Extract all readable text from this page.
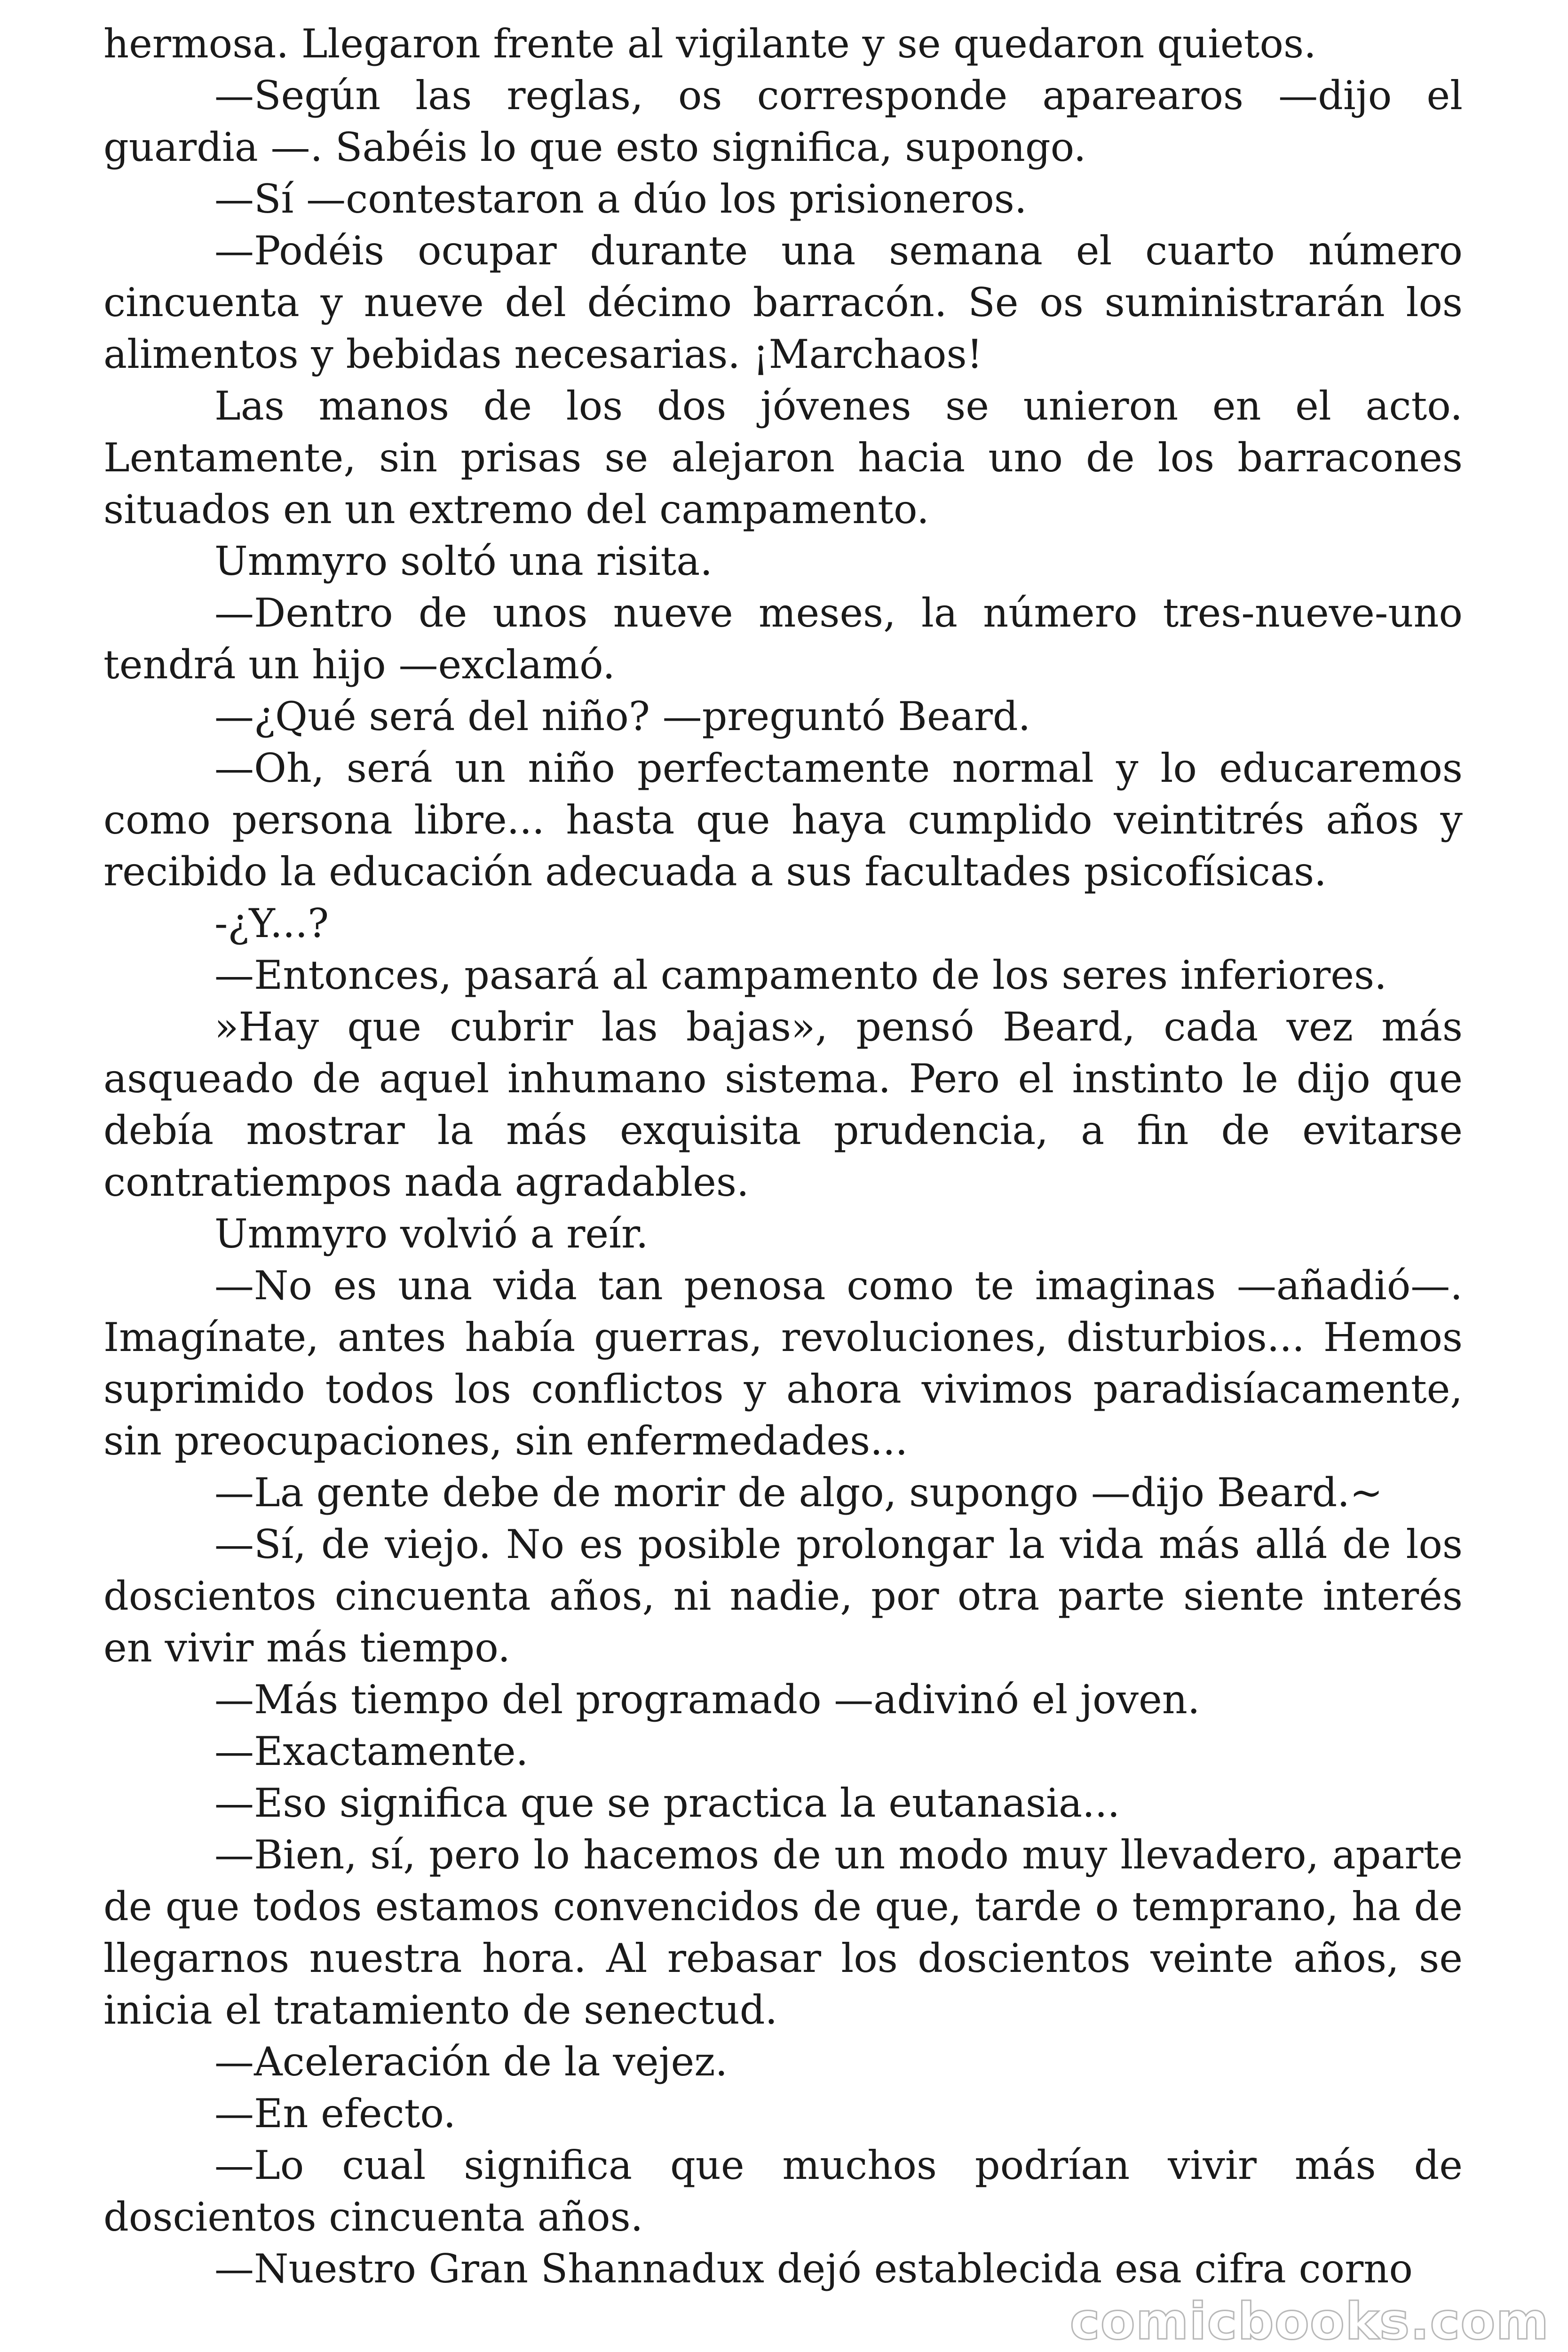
hermosa. Llegaron frente al vigilante y se quedaron quietos.

—Según las reglas, os corresponde aparearos —dijo el guardia —. Sabéis lo que esto significa, supongo.

—Sí —contestaron a dúo los prisioneros.

—Podéis ocupar durante una semana el cuarto número cincuenta y nueve del décimo barracón. Se os suministrarán los alimentos y bebidas necesarias. ¡Marchaos!

Las manos de los dos jóvenes se unieron en el acto. Lentamente, sin prisas se alejaron hacia uno de los barracones situados en un extremo del campamento.

Ummyro soltó una risita.

—Dentro de unos nueve meses, la número tres-nueve-uno tendrá un hijo —exclamó.

—¿Qué será del niño? —preguntó Beard.

—Oh, será un niño perfectamente normal y lo educaremos como persona libre... hasta que haya cumplido veintitrés años y recibido la educación adecuada a sus facultades psicofísicas.

-¿Y...?

—Entonces, pasará al campamento de los seres inferiores.

»Hay que cubrir las bajas», pensó Beard, cada vez más asqueado de aquel inhumano sistema. Pero el instinto le dijo que debía mostrar la más exquisita prudencia, a fin de evitarse contratiempos nada agradables.

Ummyro volvió a reír.

—No es una vida tan penosa como te imaginas —añadió—. Imagínate, antes había guerras, revoluciones, disturbios... Hemos suprimido todos los conflictos y ahora vivimos paradisíacamente, sin preocupaciones, sin enfermedades...

—La gente debe de morir de algo, supongo —dijo Beard.~

—Sí, de viejo. No es posible prolongar la vida más allá de los doscientos cincuenta años, ni nadie, por otra parte siente interés en vivir más tiempo.

—Más tiempo del programado —adivinó el joven.

—Exactamente.

—Eso significa que se practica la eutanasia...

—Bien, sí, pero lo hacemos de un modo muy llevadero, aparte de que todos estamos convencidos de que, tarde o temprano, ha de llegarnos nuestra hora. Al rebasar los doscientos veinte años, se inicia el tratamiento de senectud.

—Aceleración de la vejez.

—En efecto.

—Lo cual significa que muchos podrían vivir más de doscientos cincuenta años.

—Nuestro Gran Shannadux dejó establecida esa cifra corno

comicbooks.com
